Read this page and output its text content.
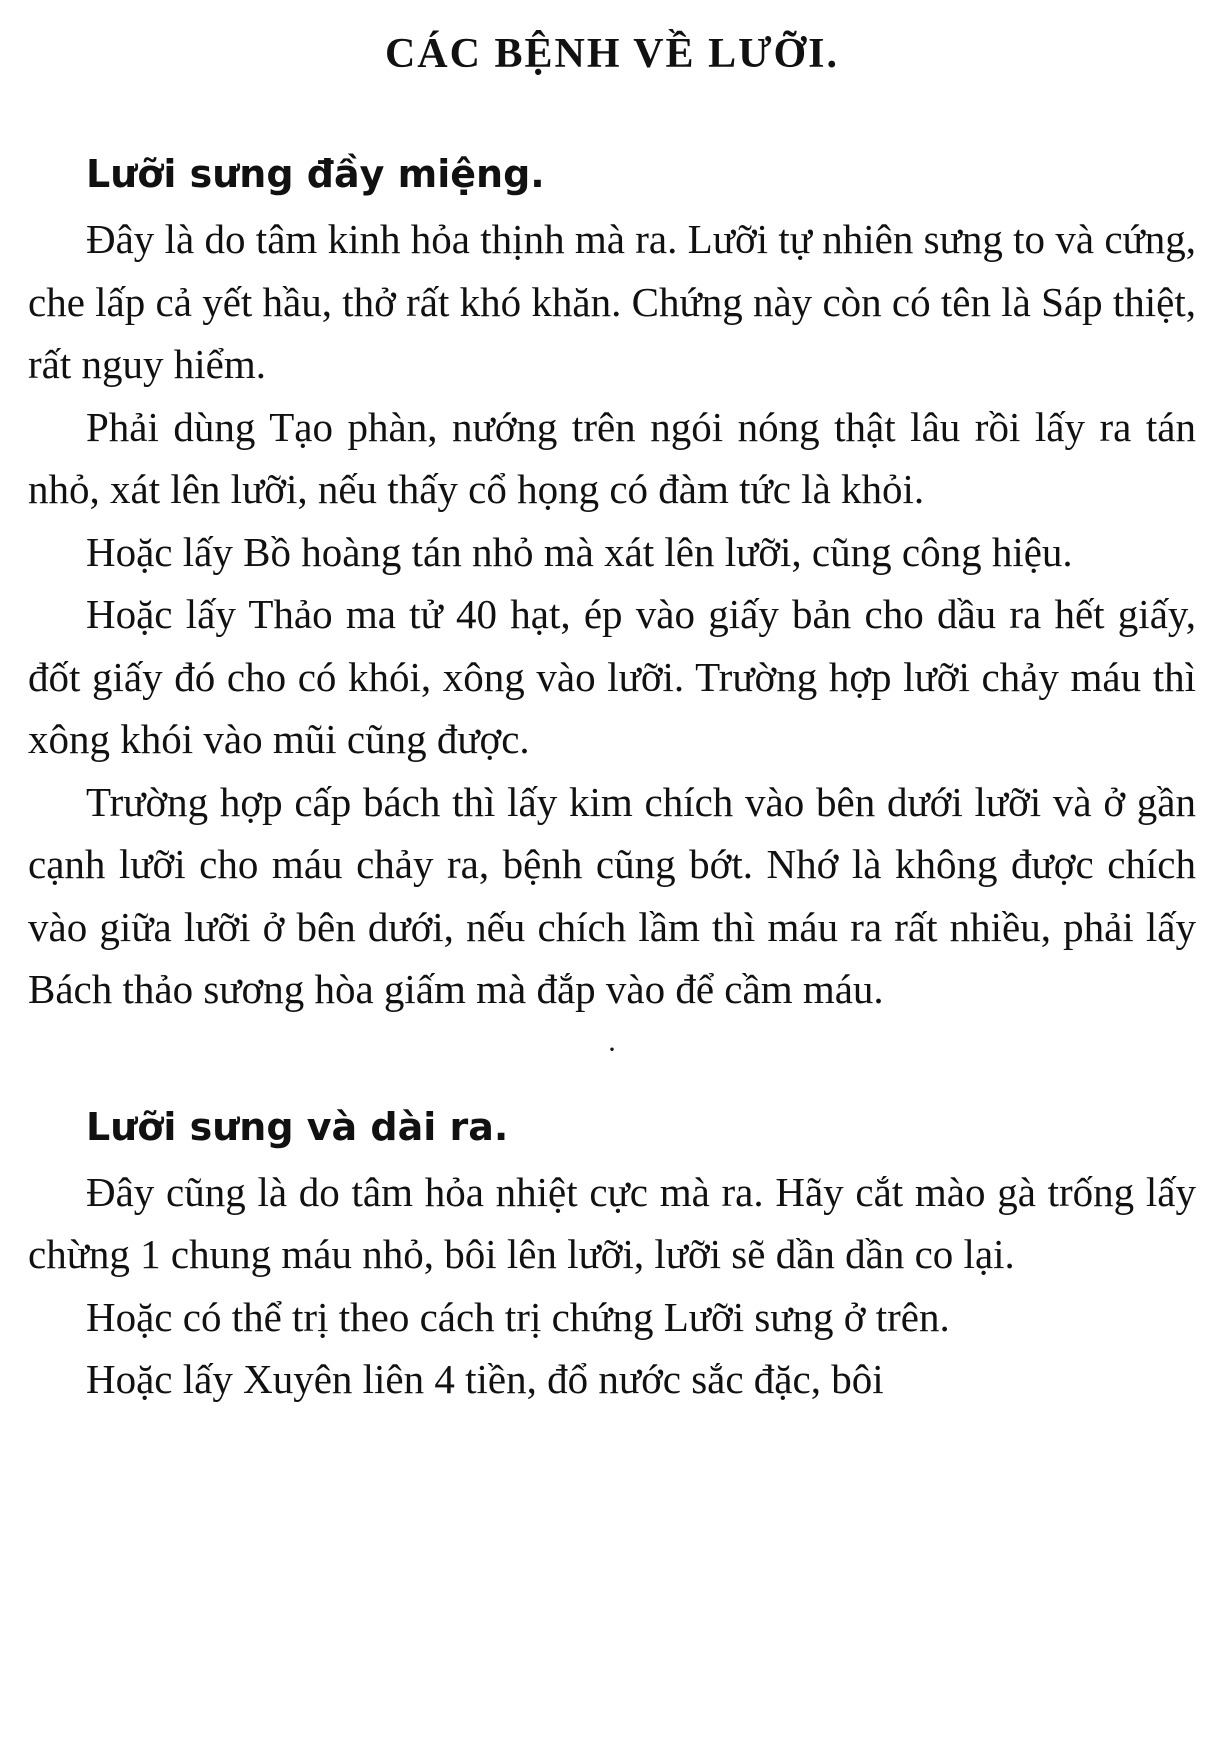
CÁC BỆNH VỀ LƯỠI.
Lưỡi sưng đầy miệng.

Đây là do tâm kinh hỏa thịnh mà ra. Lưỡi tự nhiên sưng to và cứng, che lấp cả yết hầu, thở rất khó khăn. Chứng này còn có tên là Sáp thiệt, rất nguy hiểm.

Phải dùng Tạo phàn, nướng trên ngói nóng thật lâu rồi lấy ra tán nhỏ, xát lên lưỡi, nếu thấy cổ họng có đàm tức là khỏi.

Hoặc lấy Bồ hoàng tán nhỏ mà xát lên lưỡi, cũng công hiệu.

Hoặc lấy Thảo ma tử 40 hạt, ép vào giấy bản cho dầu ra hết giấy, đốt giấy đó cho có khói, xông vào lưỡi. Trường hợp lưỡi chảy máu thì xông khói vào mũi cũng được.

Trường hợp cấp bách thì lấy kim chích vào bên dưới lưỡi và ở gần cạnh lưỡi cho máu chảy ra, bệnh cũng bớt. Nhớ là không được chích vào giữa lưỡi ở bên dưới, nếu chích lầm thì máu ra rất nhiều, phải lấy Bách thảo sương hòa giấm mà đắp vào để cầm máu.

·
Lưỡi sưng và dài ra.

Đây cũng là do tâm hỏa nhiệt cực mà ra. Hãy cắt mào gà trống lấy chừng 1 chung máu nhỏ, bôi lên lưỡi, lưỡi sẽ dần dần co lại.

Hoặc có thể trị theo cách trị chứng Lưỡi sưng ở trên.

Hoặc lấy Xuyên liên 4 tiền, đổ nước sắc đặc, bôi
